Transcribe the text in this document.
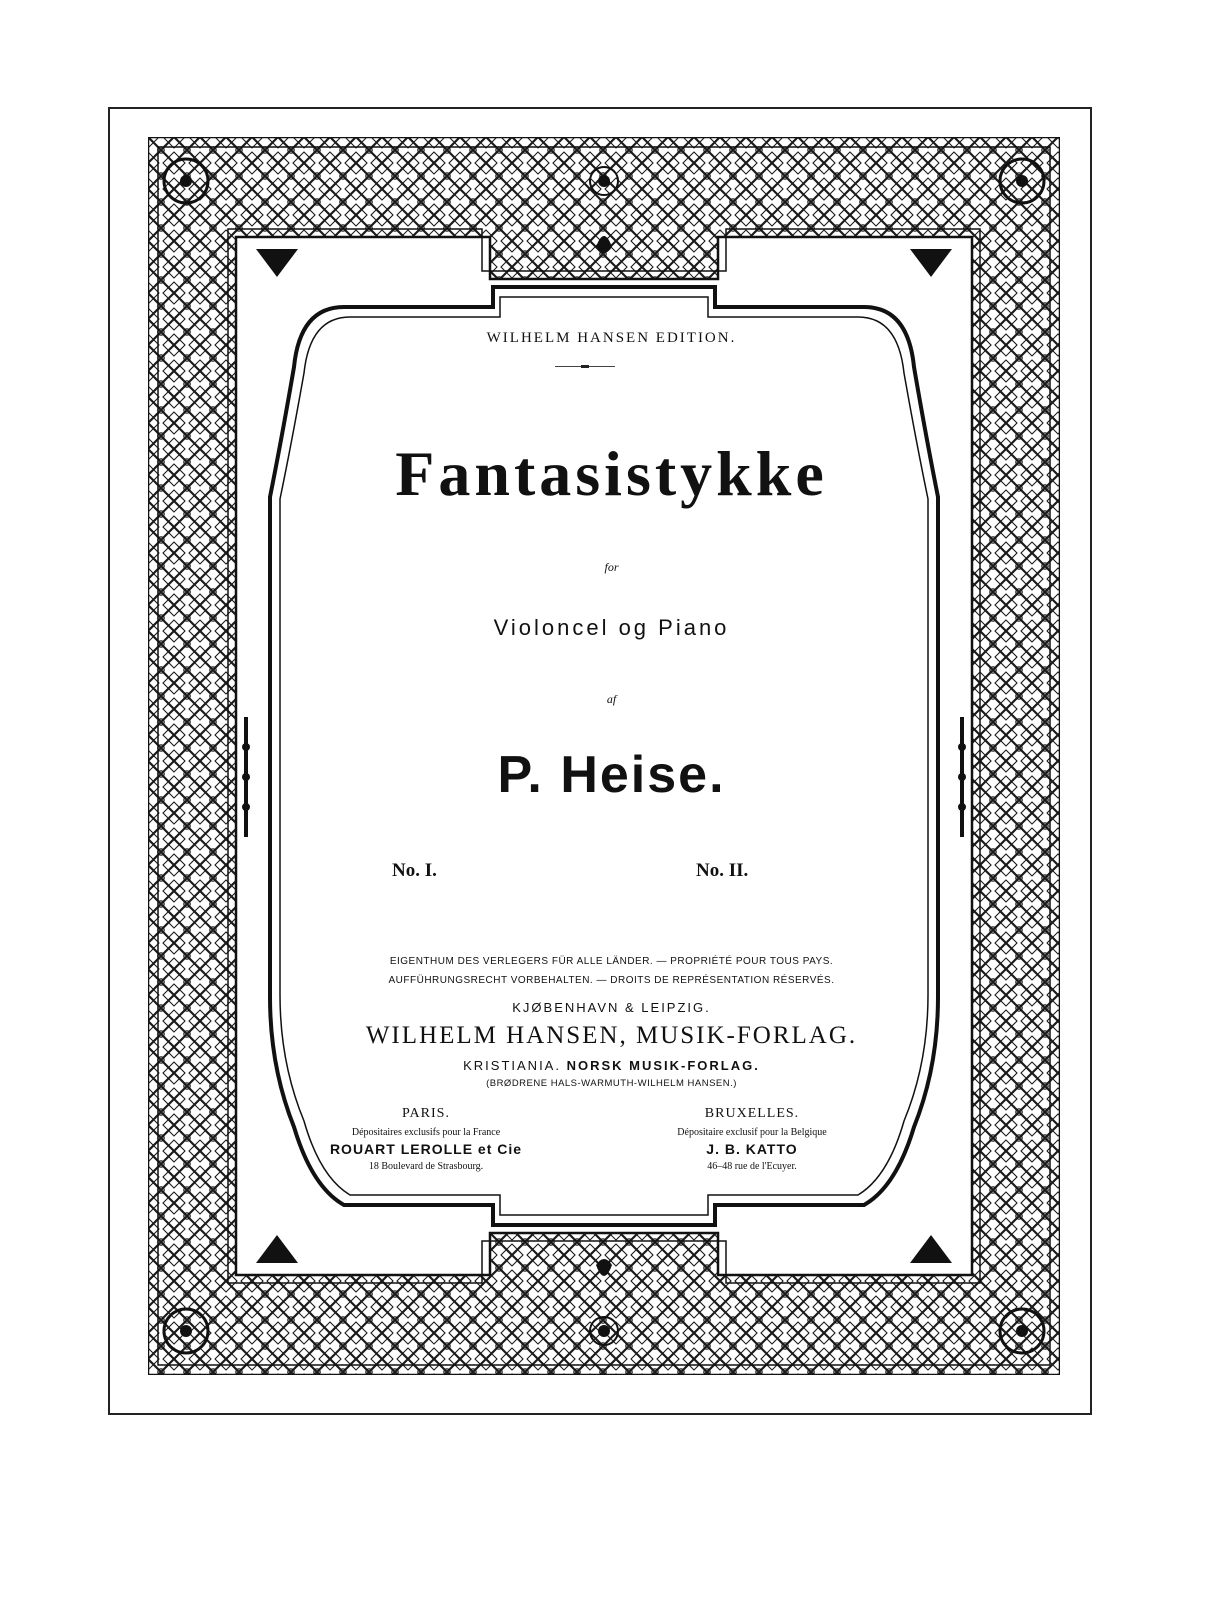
WILHELM HANSEN EDITION.
Fantasistykke
for
Violoncel og Piano
af
P. Heise.
No. I.	No. II.
EIGENTHUM DES VERLEGERS FÜR ALLE LÄNDER. — PROPRIÉTÉ POUR TOUS PAYS.
AUFFÜHRUNGSRECHT VORBEHALTEN. — DROITS DE REPRÉSENTATION RÉSERVÉS.
KJØBENHAVN & LEIPZIG.
WILHELM HANSEN, MUSIK-FORLAG.
KRISTIANIA. NORSK MUSIK-FORLAG.
(BRØDRENE HALS-WARMUTH-WILHELM HANSEN.)
PARIS.
Dépositaires exclusifs pour la France
ROUART LEROLLE et Cie
18 Boulevard de Strasbourg.
BRUXELLES.
Dépositaire exclusif pour la Belgique
J. B. KATTO
46–48 rue de l'Ecuyer.
